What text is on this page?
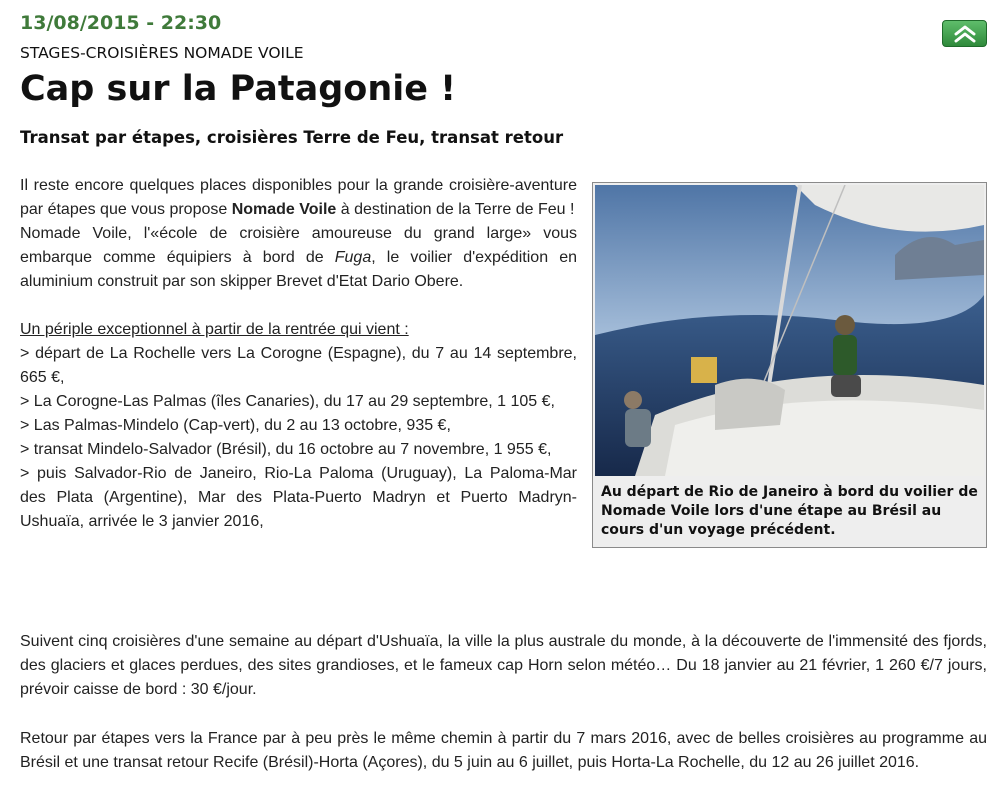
13/08/2015 - 22:30
STAGES-CROISIÈRES NOMADE VOILE
Cap sur la Patagonie !
Transat par étapes, croisières Terre de Feu, transat retour

Il reste encore quelques places disponibles pour la grande croisière-aventure par étapes que vous propose Nomade Voile à destination de la Terre de Feu !

Nomade Voile, l'«école de croisière amoureuse du grand large» vous embarque comme équipiers à bord de Fuga, le voilier d'expédition en aluminium construit par son skipper Brevet d'Etat Dario Obere.

Un périple exceptionnel à partir de la rentrée qui vient :

> départ de La Rochelle vers La Corogne (Espagne), du 7 au 14 septembre, 665 €,

> La Corogne-Las Palmas (îles Canaries), du 17 au 29 septembre, 1 105 €,

> Las Palmas-Mindelo (Cap-vert), du 2 au 13 octobre, 935 €,

> transat Mindelo-Salvador (Brésil), du 16 octobre au 7 novembre, 1 955 €,

> puis Salvador-Rio de Janeiro, Rio-La Paloma (Uruguay), La Paloma-Mar des Plata (Argentine), Mar des Plata-Puerto Madryn et Puerto Madryn-Ushuaïa, arrivée le 3 janvier 2016,

Au départ de Rio de Janeiro à bord du voilier de Nomade Voile lors d'une étape au Brésil au cours d'un voyage précédent.

Suivent cinq croisières d'une semaine au départ d'Ushuaïa, la ville la plus australe du monde, à la découverte de l'immensité des fjords, des glaciers et glaces perdues, des sites grandioses, et le fameux cap Horn selon météo… Du 18 janvier au 21 février, 1 260 €/7 jours, prévoir caisse de bord : 30 €/jour.

Retour par étapes vers la France par à peu près le même chemin à partir du 7 mars 2016, avec de belles croisières au programme au Brésil et une transat retour Recife (Brésil)-Horta (Açores), du 5 juin au 6 juillet, puis Horta-La Rochelle, du 12 au 26 juillet 2016.
